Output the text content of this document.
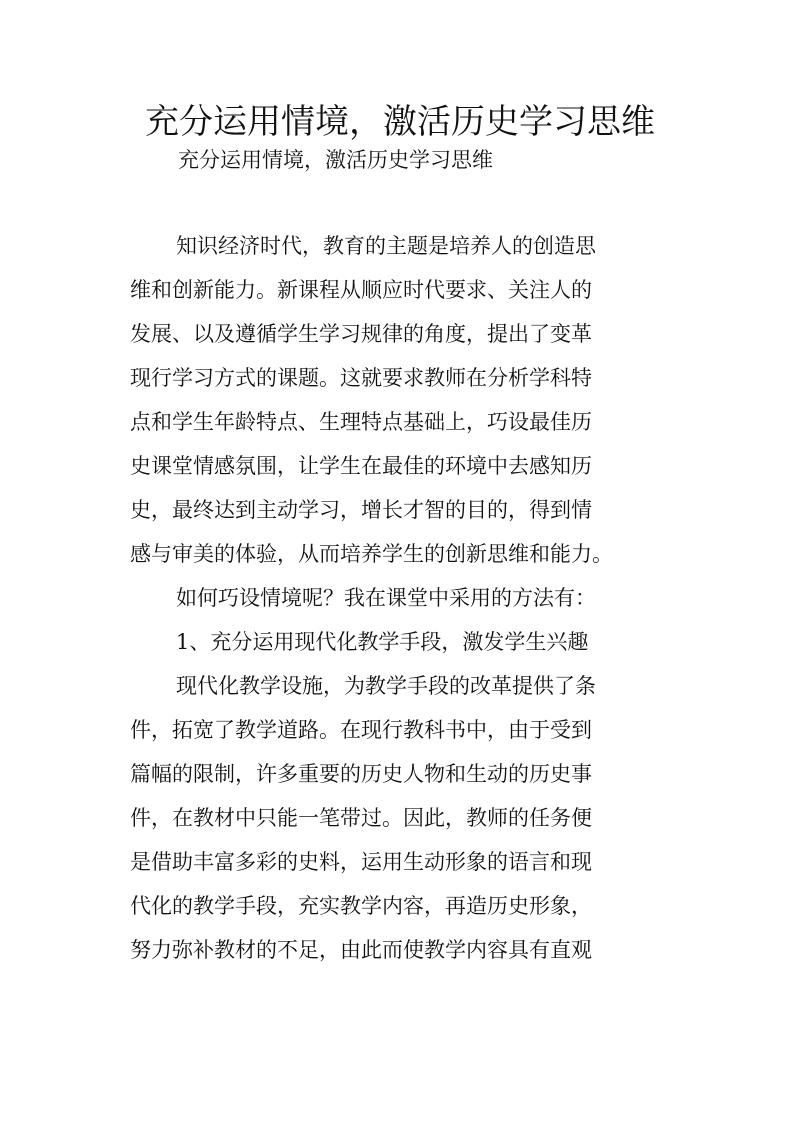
充分运用情境，激活历史学习思维
充分运用情境，激活历史学习思维
知识经济时代，教育的主题是培养人的创造思
维和创新能力。新课程从顺应时代要求、关注人的
发展、以及遵循学生学习规律的角度，提出了变革
现行学习方式的课题。这就要求教师在分析学科特
点和学生年龄特点、生理特点基础上，巧设最佳历
史课堂情感氛围，让学生在最佳的环境中去感知历
史，最终达到主动学习，增长才智的目的，得到情
感与审美的体验，从而培养学生的创新思维和能力。
如何巧设情境呢？我在课堂中采用的方法有：
1、充分运用现代化教学手段，激发学生兴趣
现代化教学设施，为教学手段的改革提供了条
件，拓宽了教学道路。在现行教科书中，由于受到
篇幅的限制，许多重要的历史人物和生动的历史事
件，在教材中只能一笔带过。因此，教师的任务便
是借助丰富多彩的史料，运用生动形象的语言和现
代化的教学手段，充实教学内容，再造历史形象，
努力弥补教材的不足，由此而使教学内容具有直观
